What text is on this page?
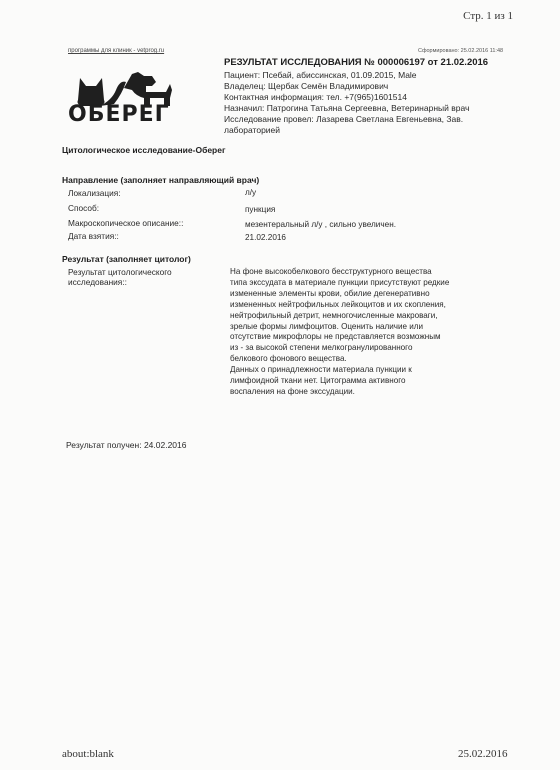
Стр. 1 из 1
программы для клиник - vetprog.ru
ОБЕРЕГ
Сформировано: 25.02.2016 11:48
РЕЗУЛЬТАТ ИССЛЕДОВАНИЯ № 000006197 от 21.02.2016
Пациент: Псебай, абиссинская, 01.09.2015, Male
Владелец: Щербак Семён Владимирович
Контактная информация: тел. +7(965)1601514
Назначил: Патрогина Татьяна Сергеевна, Ветеринарный врач
Исследование провел: Лазарева Светлана Евгеньевна, Зав.
лабораторией
Цитологическое исследование-Оберег
Направление (заполняет направляющий врач)
Локализация:	л/у
Способ:	пункция
Макроскопическое описание::	мезентеральный л/у , сильно увеличен.
Дата взятия::	21.02.2016
Результат (заполняет цитолог)
Результат цитологического
исследования::
На фоне высокобелкового бесструктурного вещества
типа экссудата в материале пункции присутствуют редкие
измененные элементы крови, обилие дегенеративно
измененных нейтрофильных лейкоцитов и их скопления,
нейтрофильный детрит, немногочисленные макроваги,
зрелые формы лимфоцитов. Оценить наличие или
отсутствие микрофлоры не представляется возможным
из - за высокой степени мелкогранулированного
белкового фонового вещества.
Данных о принадлежности материала пункции к
лимфоидной ткани нет. Цитограмма активного
воспаления на фоне экссудации.
Результат получен: 24.02.2016
about:blank	25.02.2016
